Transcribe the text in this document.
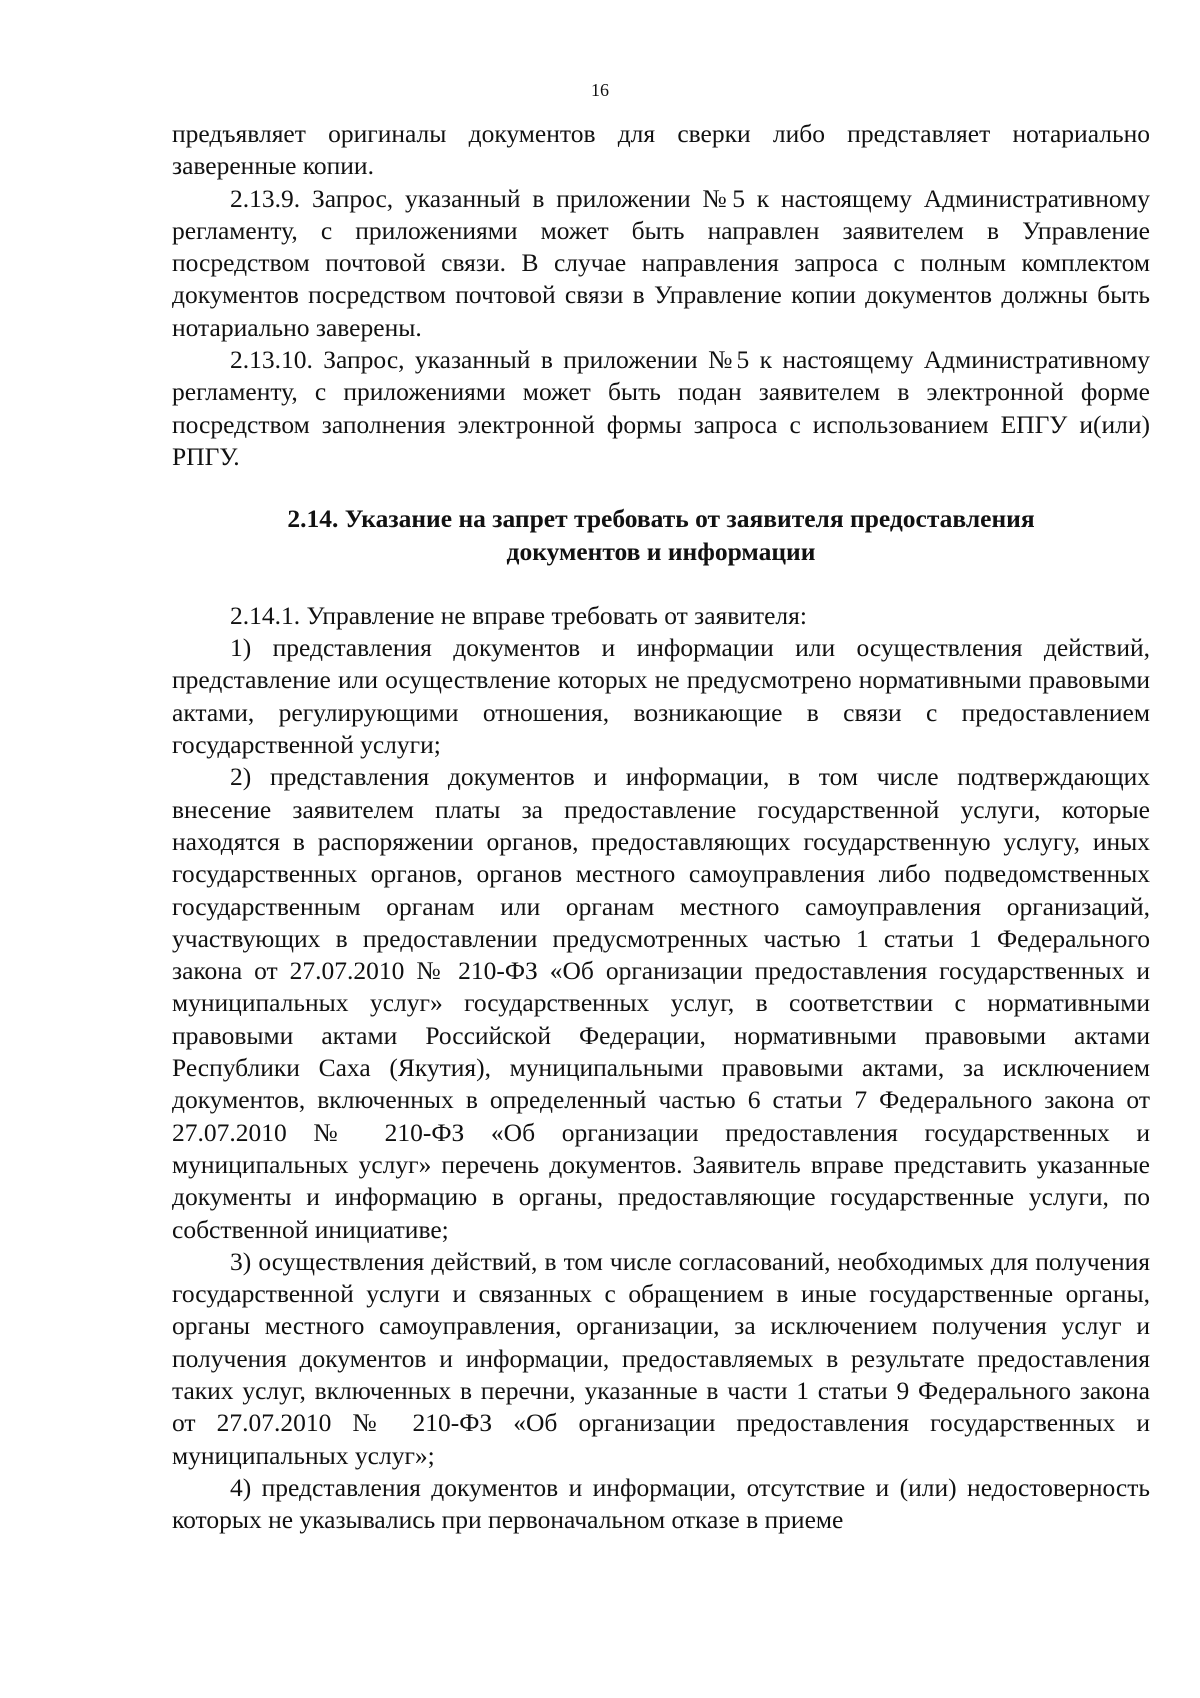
16

предъявляет оригиналы документов для сверки либо представляет нотариально заверенные копии.

2.13.9. Запрос, указанный в приложении №5 к настоящему Административному регламенту, с приложениями может быть направлен заявителем в Управление посредством почтовой связи. В случае направления запроса с полным комплектом документов посредством почтовой связи в Управление копии документов должны быть нотариально заверены.

2.13.10. Запрос, указанный в приложении №5 к настоящему Административному регламенту, с приложениями может быть подан заявителем в электронной форме посредством заполнения электронной формы запроса с использованием ЕПГУ и(или) РПГУ.

2.14. Указание на запрет требовать от заявителя предоставления
документов и информации

2.14.1. Управление не вправе требовать от заявителя:

1) представления документов и информации или осуществления действий, представление или осуществление которых не предусмотрено нормативными правовыми актами, регулирующими отношения, возникающие в связи с предоставлением государственной услуги;

2) представления документов и информации, в том числе подтверждающих внесение заявителем платы за предоставление государственной услуги, которые находятся в распоряжении органов, предоставляющих государственную услугу, иных государственных органов, органов местного самоуправления либо подведомственных государственным органам или органам местного самоуправления организаций, участвующих в предоставлении предусмотренных частью 1 статьи 1 Федерального закона от 27.07.2010 № 210-ФЗ «Об организации предоставления государственных и муниципальных услуг» государственных услуг, в соответствии с нормативными правовыми актами Российской Федерации, нормативными правовыми актами Республики Саха (Якутия), муниципальными правовыми актами, за исключением документов, включенных в определенный частью 6 статьи 7 Федерального закона от 27.07.2010 № 210-ФЗ «Об организации предоставления государственных и муниципальных услуг» перечень документов. Заявитель вправе представить указанные документы и информацию в органы, предоставляющие государственные услуги, по собственной инициативе;

3) осуществления действий, в том числе согласований, необходимых для получения государственной услуги и связанных с обращением в иные государственные органы, органы местного самоуправления, организации, за исключением получения услуг и получения документов и информации, предоставляемых в результате предоставления таких услуг, включенных в перечни, указанные в части 1 статьи 9 Федерального закона от 27.07.2010 № 210-ФЗ «Об организации предоставления государственных и муниципальных услуг»;

4) представления документов и информации, отсутствие и (или) недостоверность которых не указывались при первоначальном отказе в приеме
